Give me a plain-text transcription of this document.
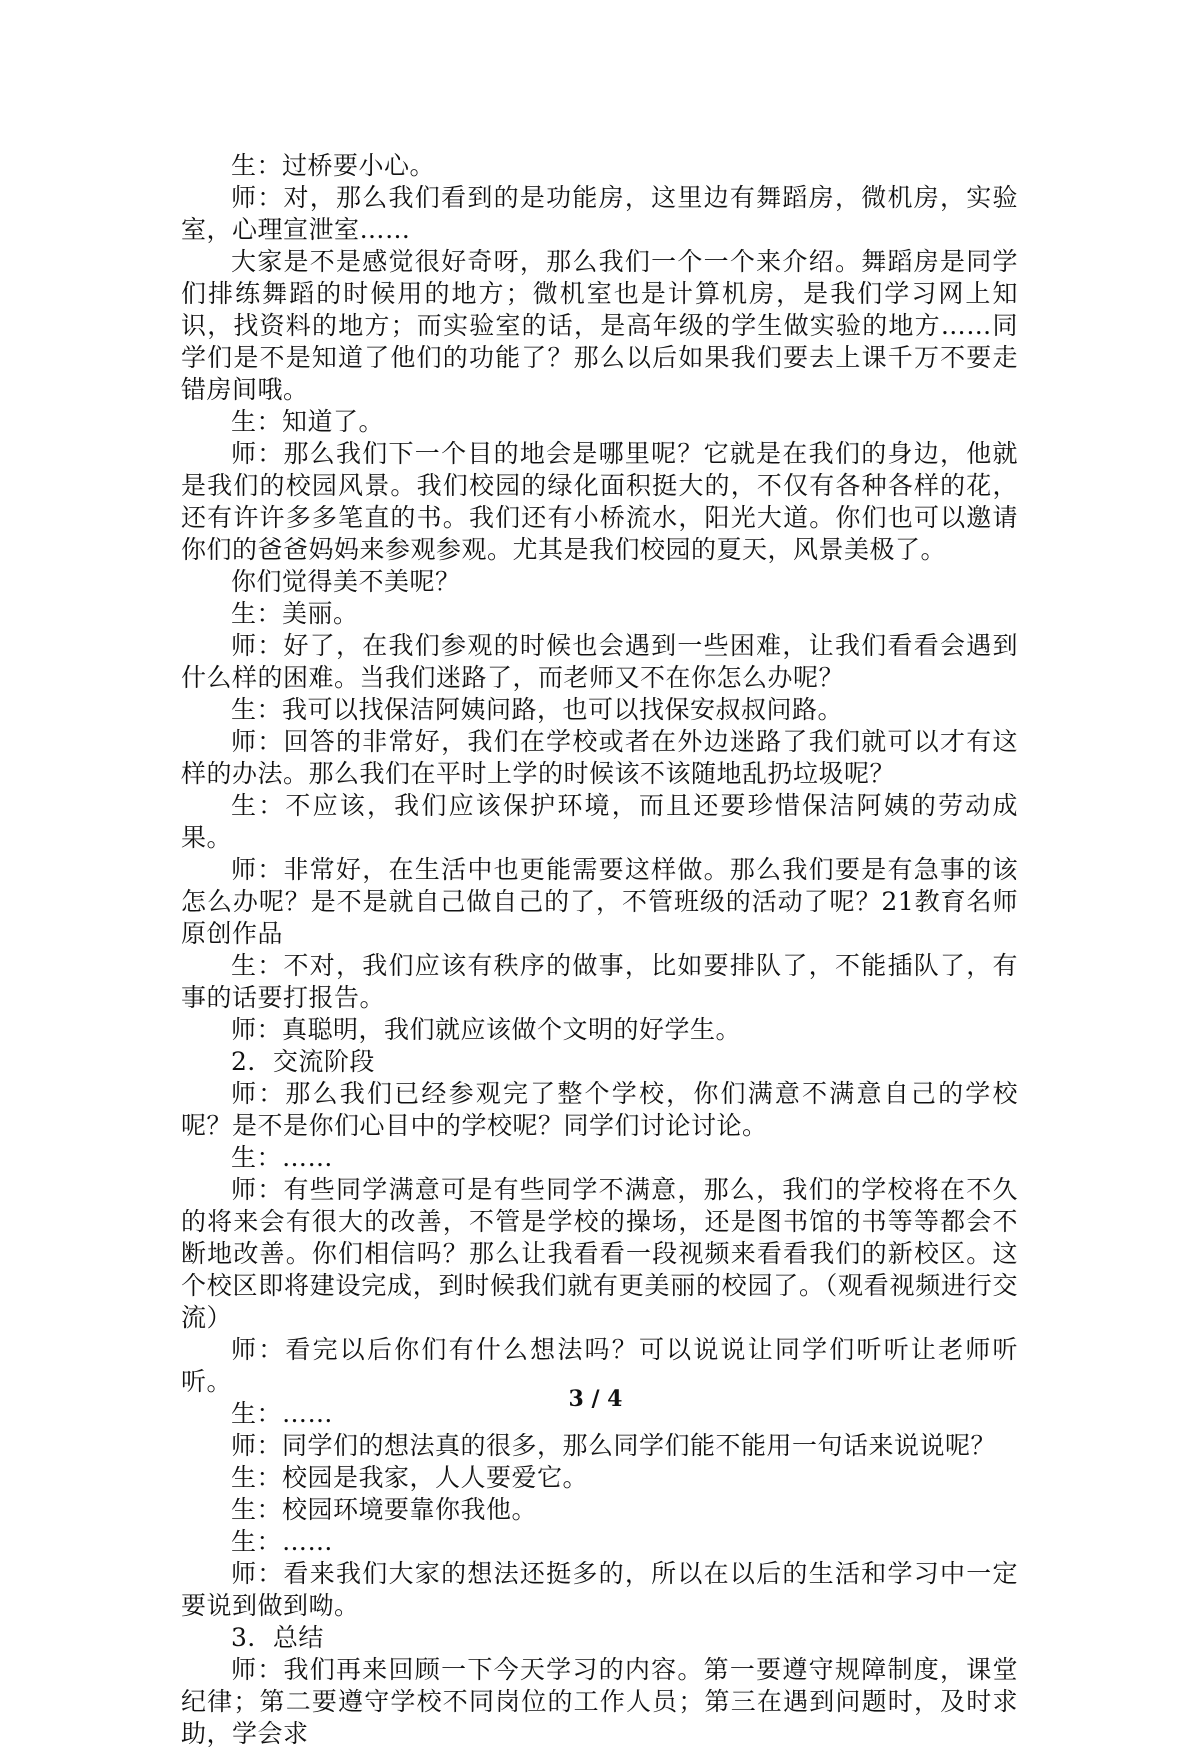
生：过桥要小心。

师：对，那么我们看到的是功能房，这里边有舞蹈房，微机房，实验室，心理宣泄室……

大家是不是感觉很好奇呀，那么我们一个一个来介绍。舞蹈房是同学们排练舞蹈的时候用的地方；微机室也是计算机房，是我们学习网上知识，找资料的地方；而实验室的话，是高年级的学生做实验的地方……同学们是不是知道了他们的功能了？那么以后如果我们要去上课千万不要走错房间哦。

生：知道了。

师：那么我们下一个目的地会是哪里呢？它就是在我们的身边，他就是我们的校园风景。我们校园的绿化面积挺大的，不仅有各种各样的花，还有许许多多笔直的书。我们还有小桥流水，阳光大道。你们也可以邀请你们的爸爸妈妈来参观参观。尤其是我们校园的夏天，风景美极了。

你们觉得美不美呢？

生：美丽。

师：好了，在我们参观的时候也会遇到一些困难，让我们看看会遇到什么样的困难。当我们迷路了，而老师又不在你怎么办呢？

生：我可以找保洁阿姨问路，也可以找保安叔叔问路。

师：回答的非常好，我们在学校或者在外边迷路了我们就可以才有这样的办法。那么我们在平时上学的时候该不该随地乱扔垃圾呢？

生：不应该，我们应该保护环境，而且还要珍惜保洁阿姨的劳动成果。

师：非常好，在生活中也更能需要这样做。那么我们要是有急事的该怎么办呢？是不是就自己做自己的了，不管班级的活动了呢？21教育名师原创作品

生：不对，我们应该有秩序的做事，比如要排队了，不能插队了，有事的话要打报告。

师：真聪明，我们就应该做个文明的好学生。

2．交流阶段

师：那么我们已经参观完了整个学校，你们满意不满意自己的学校呢？是不是你们心目中的学校呢？同学们讨论讨论。

生：……

师：有些同学满意可是有些同学不满意，那么，我们的学校将在不久的将来会有很大的改善，不管是学校的操场，还是图书馆的书等等都会不断地改善。你们相信吗？那么让我看看一段视频来看看我们的新校区。这个校区即将建设完成，到时候我们就有更美丽的校园了。（观看视频进行交流）

师：看完以后你们有什么想法吗？可以说说让同学们听听让老师听听。

生：……

师：同学们的想法真的很多，那么同学们能不能用一句话来说说呢？

生：校园是我家，人人要爱它。

生：校园环境要靠你我他。

生：……

师：看来我们大家的想法还挺多的，所以在以后的生活和学习中一定要说到做到呦。

3．总结

师：我们再来回顾一下今天学习的内容。第一要遵守规障制度，课堂纪律；第二要遵守学校不同岗位的工作人员；第三在遇到问题时，及时求助，学会求

3 / 4
